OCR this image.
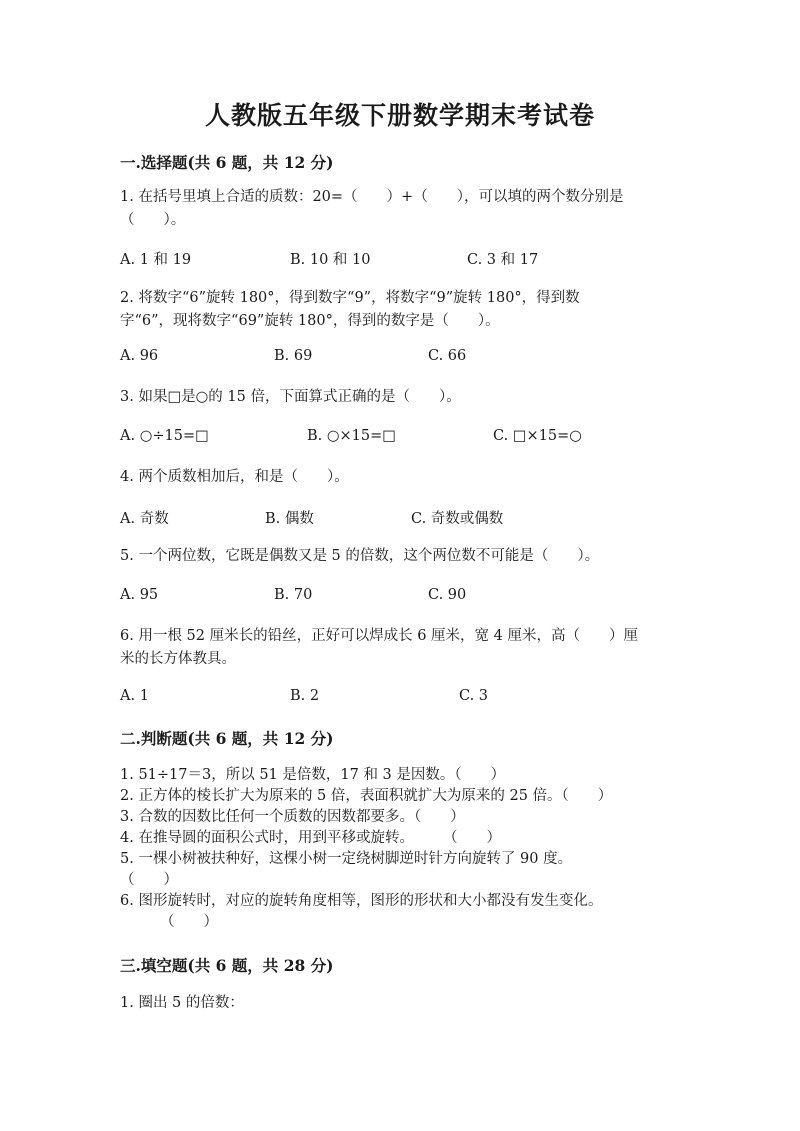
人教版五年级下册数学期末考试卷
一.选择题(共 6 题，共 12 分)
1. 在括号里填上合适的质数：20=（　　）+（　　），可以填的两个数分别是
（　　）。
A. 1 和 19	B. 10 和 10	C. 3 和 17
2. 将数字“6”旋转 180°，得到数字“9”，将数字“9”旋转 180°，得到数
字“6”，现将数字“69”旋转 180°，得到的数字是（　　）。
A. 96	B. 69	C. 66
3. 如果□是○的 15 倍，下面算式正确的是（　　）。
A. ○÷15=□	B. ○×15=□	C. □×15=○
4. 两个质数相加后，和是（　　）。
A. 奇数	B. 偶数	C. 奇数或偶数
5. 一个两位数，它既是偶数又是 5 的倍数，这个两位数不可能是（　　）。
A. 95	B. 70	C. 90
6. 用一根 52 厘米长的铅丝，正好可以焊成长 6 厘米，宽 4 厘米，高（　　）厘
米的长方体教具。
A. 1	B. 2	C. 3
二.判断题(共 6 题，共 12 分)
1. 51÷17＝3，所以 51 是倍数，17 和 3 是因数。（　　）
2. 正方体的棱长扩大为原来的 5 倍，表面积就扩大为原来的 25 倍。（　　）
3. 合数的因数比任何一个质数的因数都要多。（　　）
4. 在推导圆的面积公式时，用到平移或旋转。　　　（　　）
5. 一棵小树被扶种好，这棵小树一定绕树脚逆时针方向旋转了 90 度。
（　　）
6. 图形旋转时，对应的旋转角度相等，图形的形状和大小都没有发生变化。
（　　）
三.填空题(共 6 题，共 28 分)
1. 圈出 5 的倍数：
